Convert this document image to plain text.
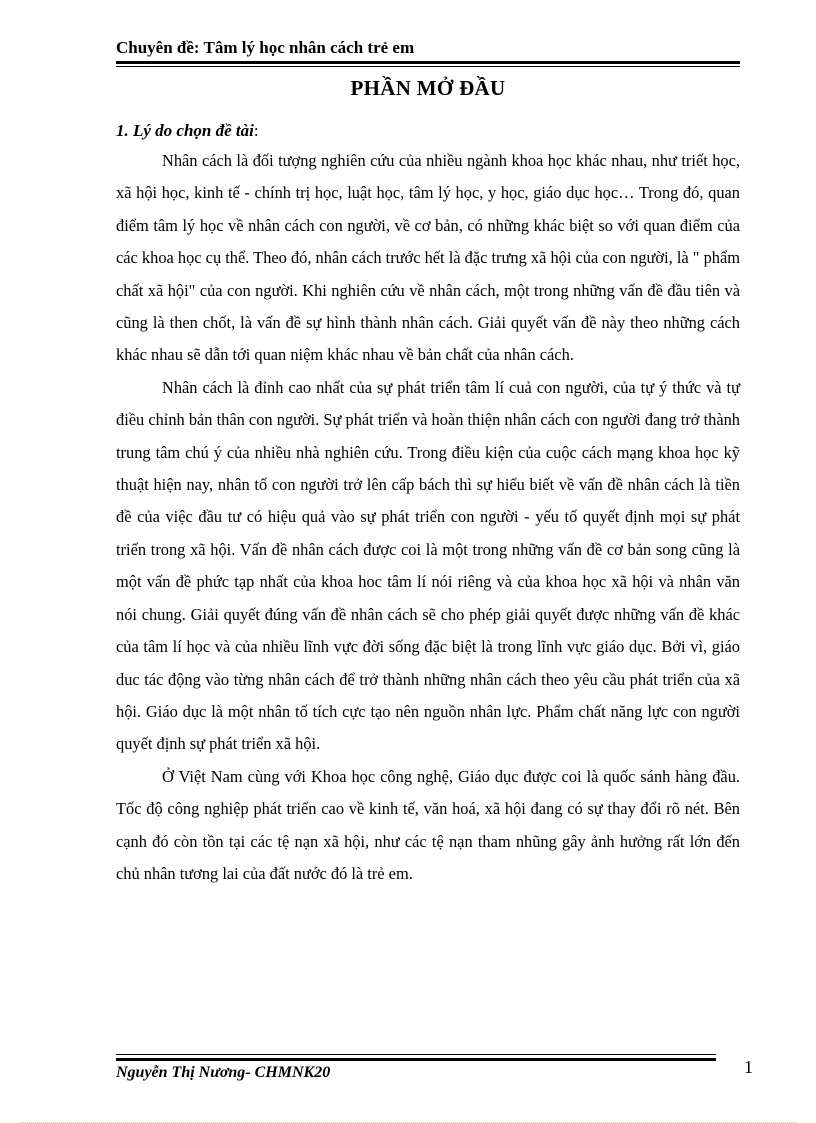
Chuyên đề: Tâm lý học nhân cách trẻ em
PHẦN MỞ ĐẦU
1. Lý do chọn đề tài:

Nhân cách là đối tượng nghiên cứu của nhiều ngành khoa học khác nhau, như triết học, xã hội học, kinh tế - chính trị học, luật học, tâm lý học, y học, giáo dục học… Trong đó, quan điểm tâm lý học về nhân cách con người, về cơ bản, có những khác biệt so với quan điểm của các khoa học cụ thể. Theo đó, nhân cách trước hết là đặc trưng xã hội của con người, là " phẩm chất xã hội" của con người. Khi nghiên cứu về nhân cách, một trong những vấn đề đầu tiên và cũng là then chốt, là vấn đề sự hình thành nhân cách. Giải quyết vấn đề này theo những cách khác nhau sẽ dẫn tới quan niệm khác nhau về bản chất của nhân cách.

Nhân cách là đỉnh cao nhất của sự phát triển tâm lí cuả con người, của tự ý thức và tự điều chỉnh bản thân con người. Sự phát triển và hoàn thiện nhân cách con người đang trở thành trung tâm chú ý của nhiều nhà nghiên cứu. Trong điều kiện của cuộc cách mạng khoa học kỹ thuật hiện nay, nhân tố con người trở lên cấp bách thì sự hiểu biết về vấn đề nhân cách là tiền đề của việc đầu tư có hiệu quả vào sự phát triển con người - yếu tố quyết định mọi sự phát triển trong xã hội. Vấn đề nhân cách được coi là một trong những vấn đề cơ bản song cũng là một vấn đề phức tạp nhất của khoa hoc tâm lí nói riêng và của khoa học xã hội và nhân văn nói chung. Giải quyết đúng vấn đề nhân cách sẽ cho phép giải quyết được những vấn đề khác của tâm lí học và của nhiều lĩnh vực đời sống đặc biệt là trong lĩnh vực giáo dục. Bởi vì, giáo duc tác động vào từng nhân cách để trở thành những nhân cách theo yêu cầu phát triển của xã hội. Giáo dục là một nhân tố tích cực tạo nên nguồn nhân lực. Phẩm chất năng lực con người quyết định sự phát triển xã hội.

Ở Việt Nam cùng với Khoa học công nghệ, Giáo dục được coi là quốc sánh hàng đầu. Tốc độ công nghiệp phát triển cao về kinh tế, văn hoá, xã hội đang có sự thay đổi rõ nét. Bên cạnh đó còn tồn tại các tệ nạn xã hội, như các tệ nạn tham nhũng gây ảnh hưởng rất lớn đến chủ nhân tương lai của đất nước đó là trẻ em.

Nguyễn Thị Nương- CHMNK20	1
